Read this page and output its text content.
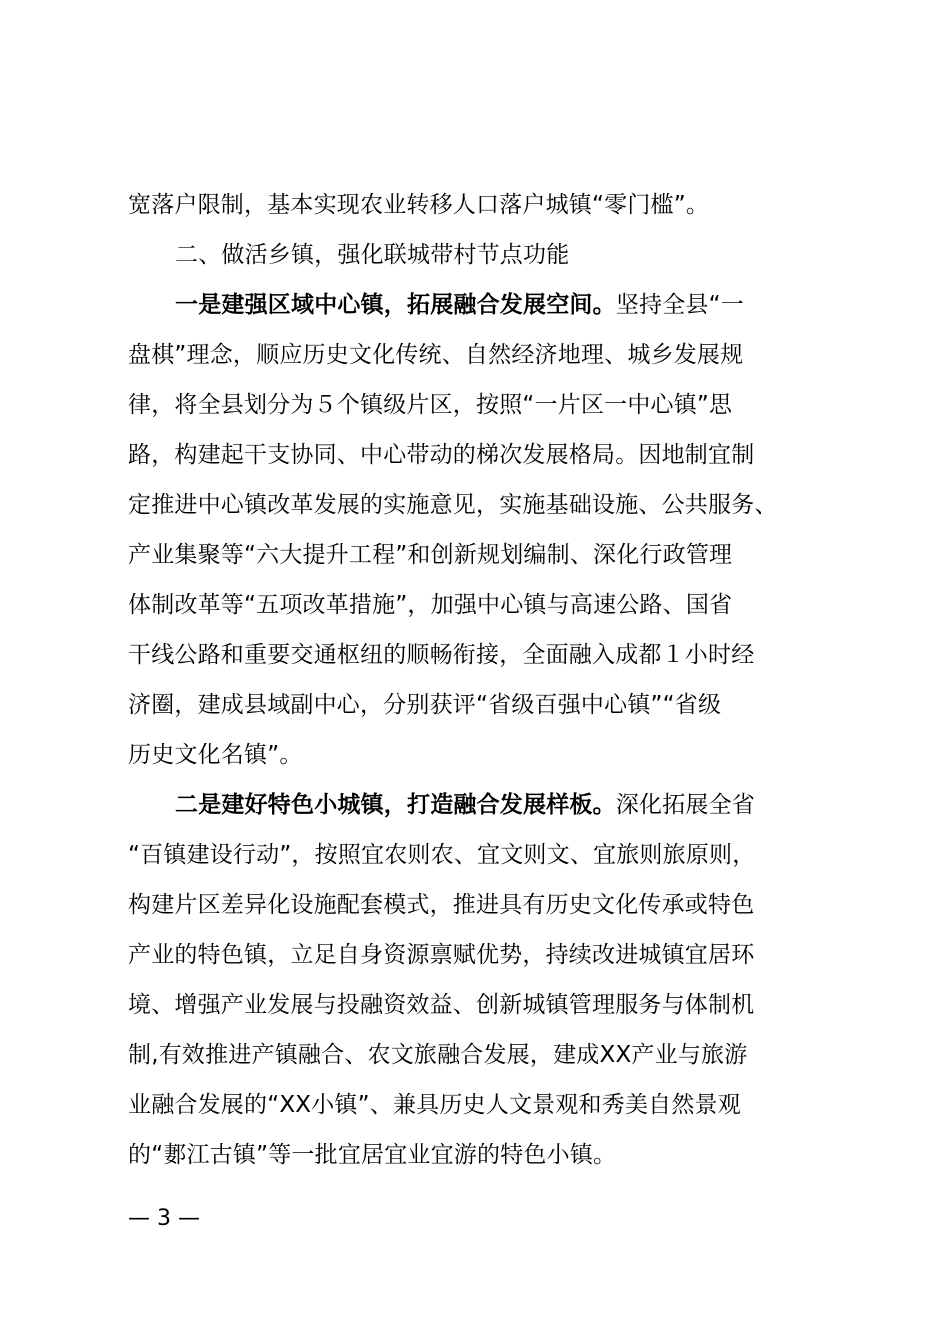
宽落户限制，基本实现农业转移人口落户城镇“零门槛”。
二、做活乡镇，强化联城带村节点功能
一是建强区域中心镇，拓展融合发展空间。坚持全县“一
盘棋”理念，顺应历史文化传统、自然经济地理、城乡发展规
律，将全县划分为５个镇级片区，按照“一片区一中心镇”思
路，构建起干支协同、中心带动的梯次发展格局。因地制宜制
定推进中心镇改革发展的实施意见，实施基础设施、公共服务、
产业集聚等“六大提升工程”和创新规划编制、深化行政管理
体制改革等“五项改革措施”，加强中心镇与高速公路、国省
干线公路和重要交通枢纽的顺畅衔接，全面融入成都１小时经
济圈，建成县域副中心，分别获评“省级百强中心镇”“省级
历史文化名镇”。
二是建好特色小城镇，打造融合发展样板。深化拓展全省
“百镇建设行动”，按照宜农则农、宜文则文、宜旅则旅原则，
构建片区差异化设施配套模式，推进具有历史文化传承或特色
产业的特色镇，立足自身资源禀赋优势，持续改进城镇宜居环
境、增强产业发展与投融资效益、创新城镇管理服务与体制机
制,有效推进产镇融合、农文旅融合发展，建成XX产业与旅游
业融合发展的“XX小镇”、兼具历史人文景观和秀美自然景观
的“郪江古镇”等一批宜居宜业宜游的特色小镇。
— 3 —
